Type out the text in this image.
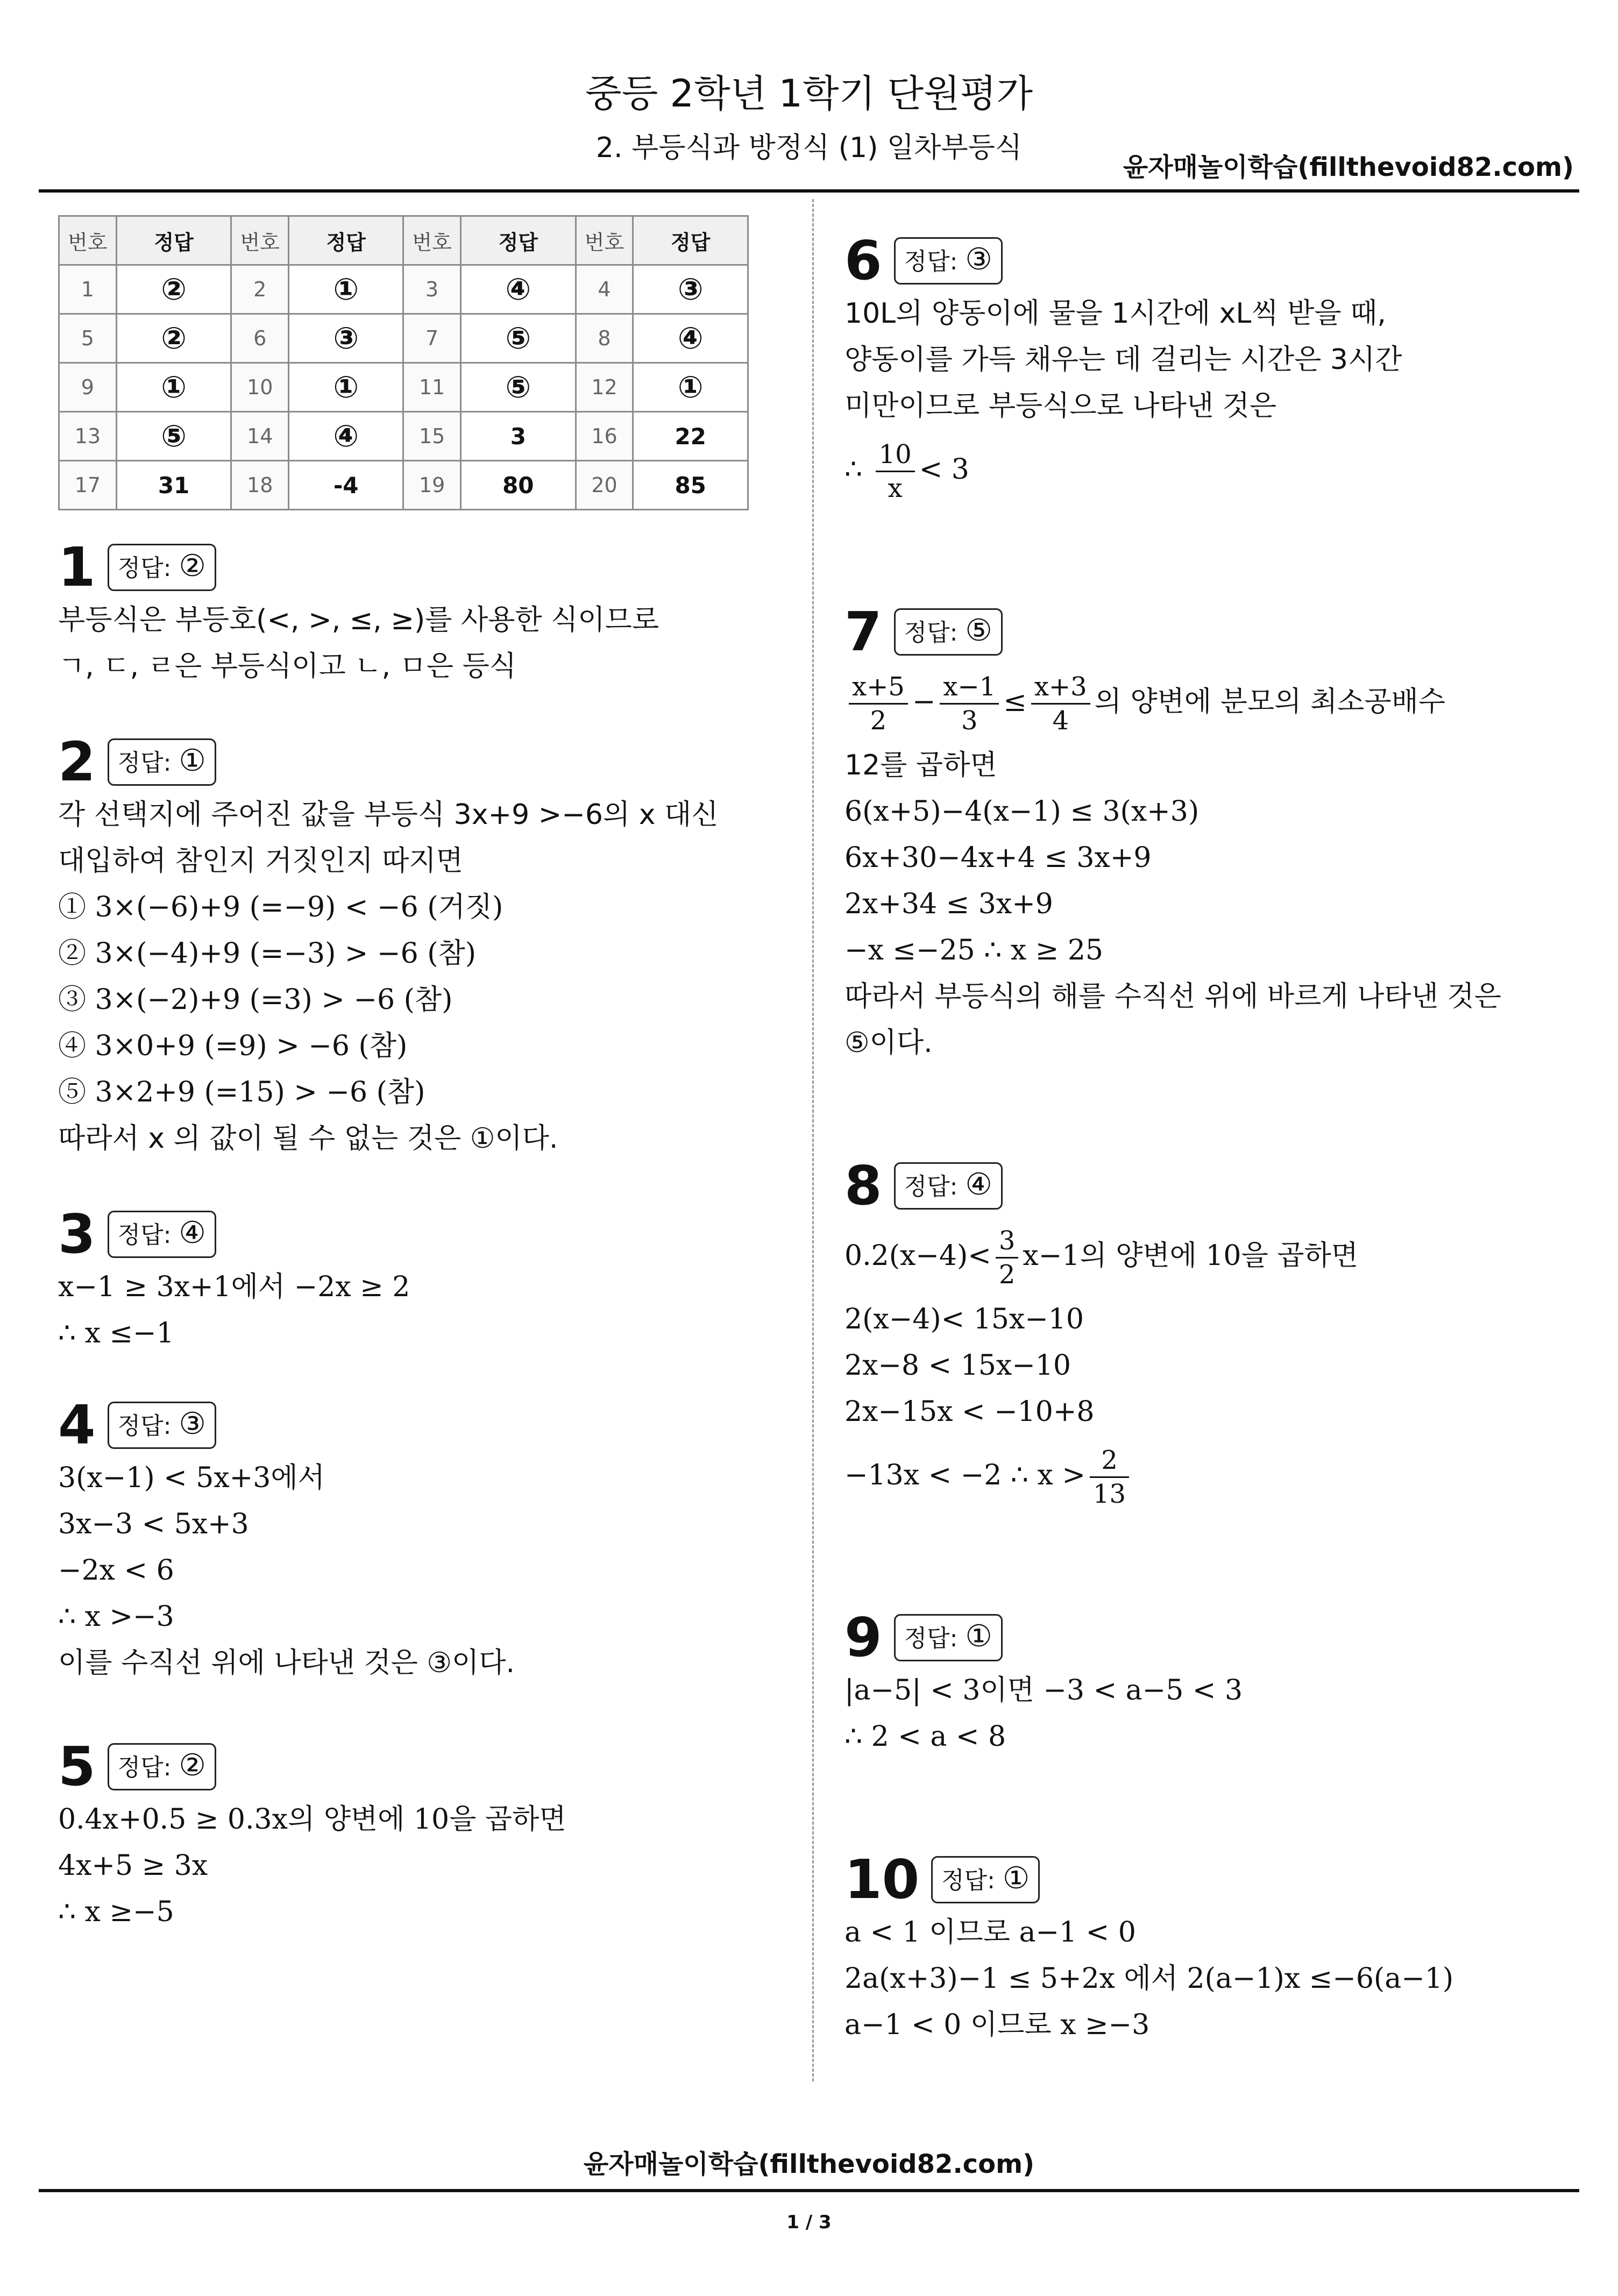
중등 2학년 1학기 단원평가
2. 부등식과 방정식 (1) 일차부등식
윤자매놀이학습(fillthevoid82.com)
번호	정답	번호	정답	번호	정답	번호	정답
1	②	2	①	3	④	4	③
5	②	6	③	7	⑤	8	④
9	①	10	①	11	⑤	12	①
13	⑤	14	④	15	3	16	22
17	31	18	-4	19	80	20	85
1 정답: ②
부등식은 부등호(<, >, ≤, ≥)를 사용한 식이므로
ㄱ, ㄷ, ㄹ은 부등식이고 ㄴ, ㅁ은 등식
2 정답: ①
각 선택지에 주어진 값을 부등식 3x+9 >−6의 x 대신
대입하여 참인지 거짓인지 따지면
① 3×(−6)+9 (=−9) < −6 (거짓)
② 3×(−4)+9 (=−3) > −6 (참)
③ 3×(−2)+9 (=3) > −6 (참)
④ 3×0+9 (=9) > −6 (참)
⑤ 3×2+9 (=15) > −6 (참)
따라서 x 의 값이 될 수 없는 것은 ①이다.
3 정답: ④
x−1 ≥ 3x+1에서 −2x ≥ 2
∴ x ≤−1
4 정답: ③
3(x−1) < 5x+3에서
3x−3 < 5x+3
−2x < 6
∴ x >−3
이를 수직선 위에 나타낸 것은 ③이다.
5 정답: ②
0.4x+0.5 ≥ 0.3x의 양변에 10을 곱하면
4x+5 ≥ 3x
∴ x ≥−5
6 정답: ③
10L의 양동이에 물을 1시간에 xL씩 받을 때,
양동이를 가득 채우는 데 걸리는 시간은 3시간
미만이므로 부등식으로 나타낸 것은
∴ $\frac{10}{x} < 3$
7 정답: ⑤
$\frac{x+5}{2} - \frac{x-1}{3} \le \frac{x+3}{4}$ 의 양변에 분모의 최소공배수
12를 곱하면
6(x+5)−4(x−1) ≤ 3(x+3)
6x+30−4x+4 ≤ 3x+9
2x+34 ≤ 3x+9
−x ≤−25 ∴ x ≥ 25
따라서 부등식의 해를 수직선 위에 바르게 나타낸 것은
⑤이다.
8 정답: ④
$0.2(x-4)< \frac{3}{2} x-1$의 양변에 10을 곱하면
2(x−4)< 15x−10
2x−8 < 15x−10
2x−15x < −10+8
−13x < −2 ∴ $x > \frac{2}{13}$
9 정답: ①
|a−5| < 3이면 −3 < a−5 < 3
∴ 2 < a < 8
10 정답: ①
a < 1 이므로 a−1 < 0
2a(x+3)−1 ≤ 5+2x 에서 2(a−1)x ≤−6(a−1)
a−1 < 0 이므로 x ≥−3
윤자매놀이학습(fillthevoid82.com)
1 / 3
